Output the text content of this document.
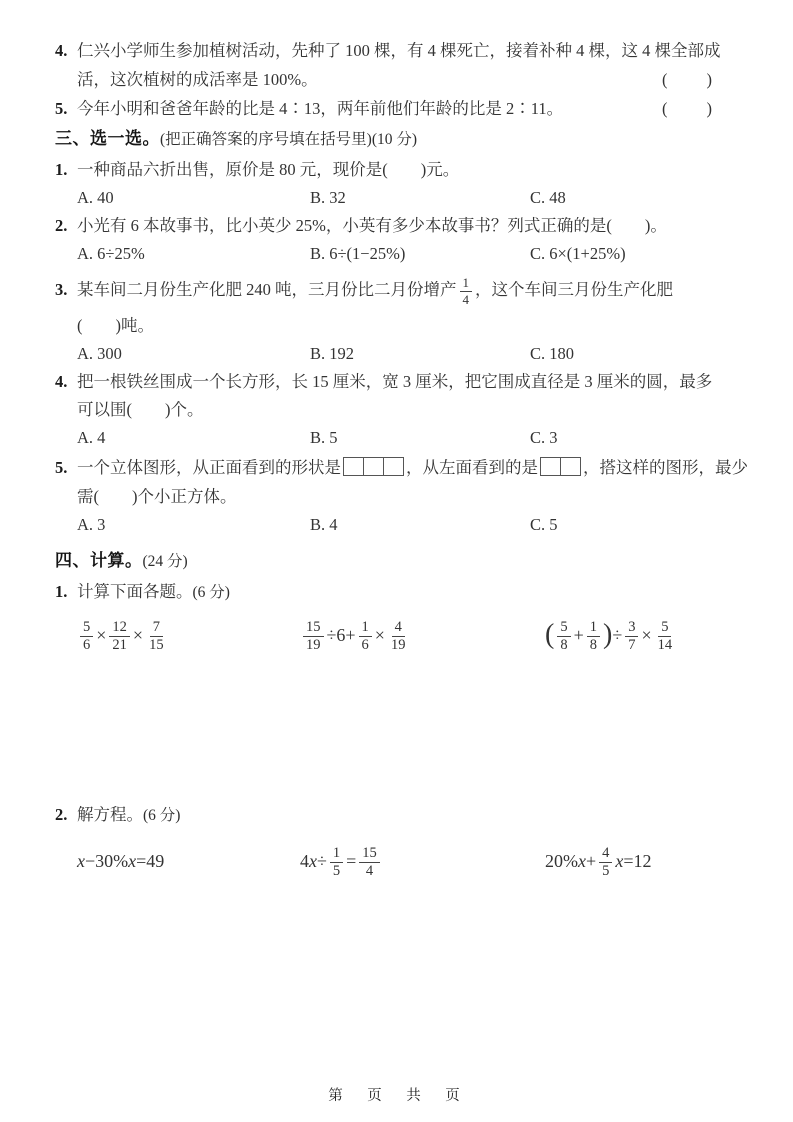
4. 仁兴小学师生参加植树活动，先种了 100 棵，有 4 棵死亡，接着补种 4 棵，这 4 棵全部成
活，这次植树的成活率是 100%。	(　　)
5. 今年小明和爸爸年龄的比是 4∶13，两年前他们年龄的比是 2∶11。	(　　)
三、选一选。(把正确答案的序号填在括号里)(10 分)
1. 一种商品六折出售，原价是 80 元，现价是(　　)元。
A. 40	B. 32	C. 48
2. 小光有 6 本故事书，比小英少 25%，小英有多少本故事书？列式正确的是(　　)。
A. 6÷25%	B. 6÷(1−25%)	C. 6×(1+25%)
3. 某车间二月份生产化肥 240 吨，三月份比二月份增产 $\frac{1}{4}$ ，这个车间三月份生产化肥
(　　)吨。
A. 300	B. 192	C. 180
4. 把一根铁丝围成一个长方形，长 15 厘米，宽 3 厘米，把它围成直径是 3 厘米的圆，最多
可以围(　　)个。
A. 4	B. 5	C. 3
5. 一个立体图形，从正面看到的形状是	，从左面看到的是	，搭这样的图形，最少
需(　　)个小正方体。
A. 3	B. 4	C. 5
四、计算。(24 分)
1. 计算下面各题。(6 分)
$\frac{5}{6} \times \frac{12}{21} \times \frac{7}{15}$	$\frac{15}{19} \div 6+ \frac{1}{6} \times \frac{4}{19}$	( $\frac{5}{8} + \frac{1}{8}$ )÷ $\frac{3}{7} \times \frac{5}{14}$
2. 解方程。(6 分)
x−30%x=49	$4x\div \frac{1}{5} = \frac{15}{4}$	$20\%x+ \frac{4}{5} x=12$
第　页　共　页
